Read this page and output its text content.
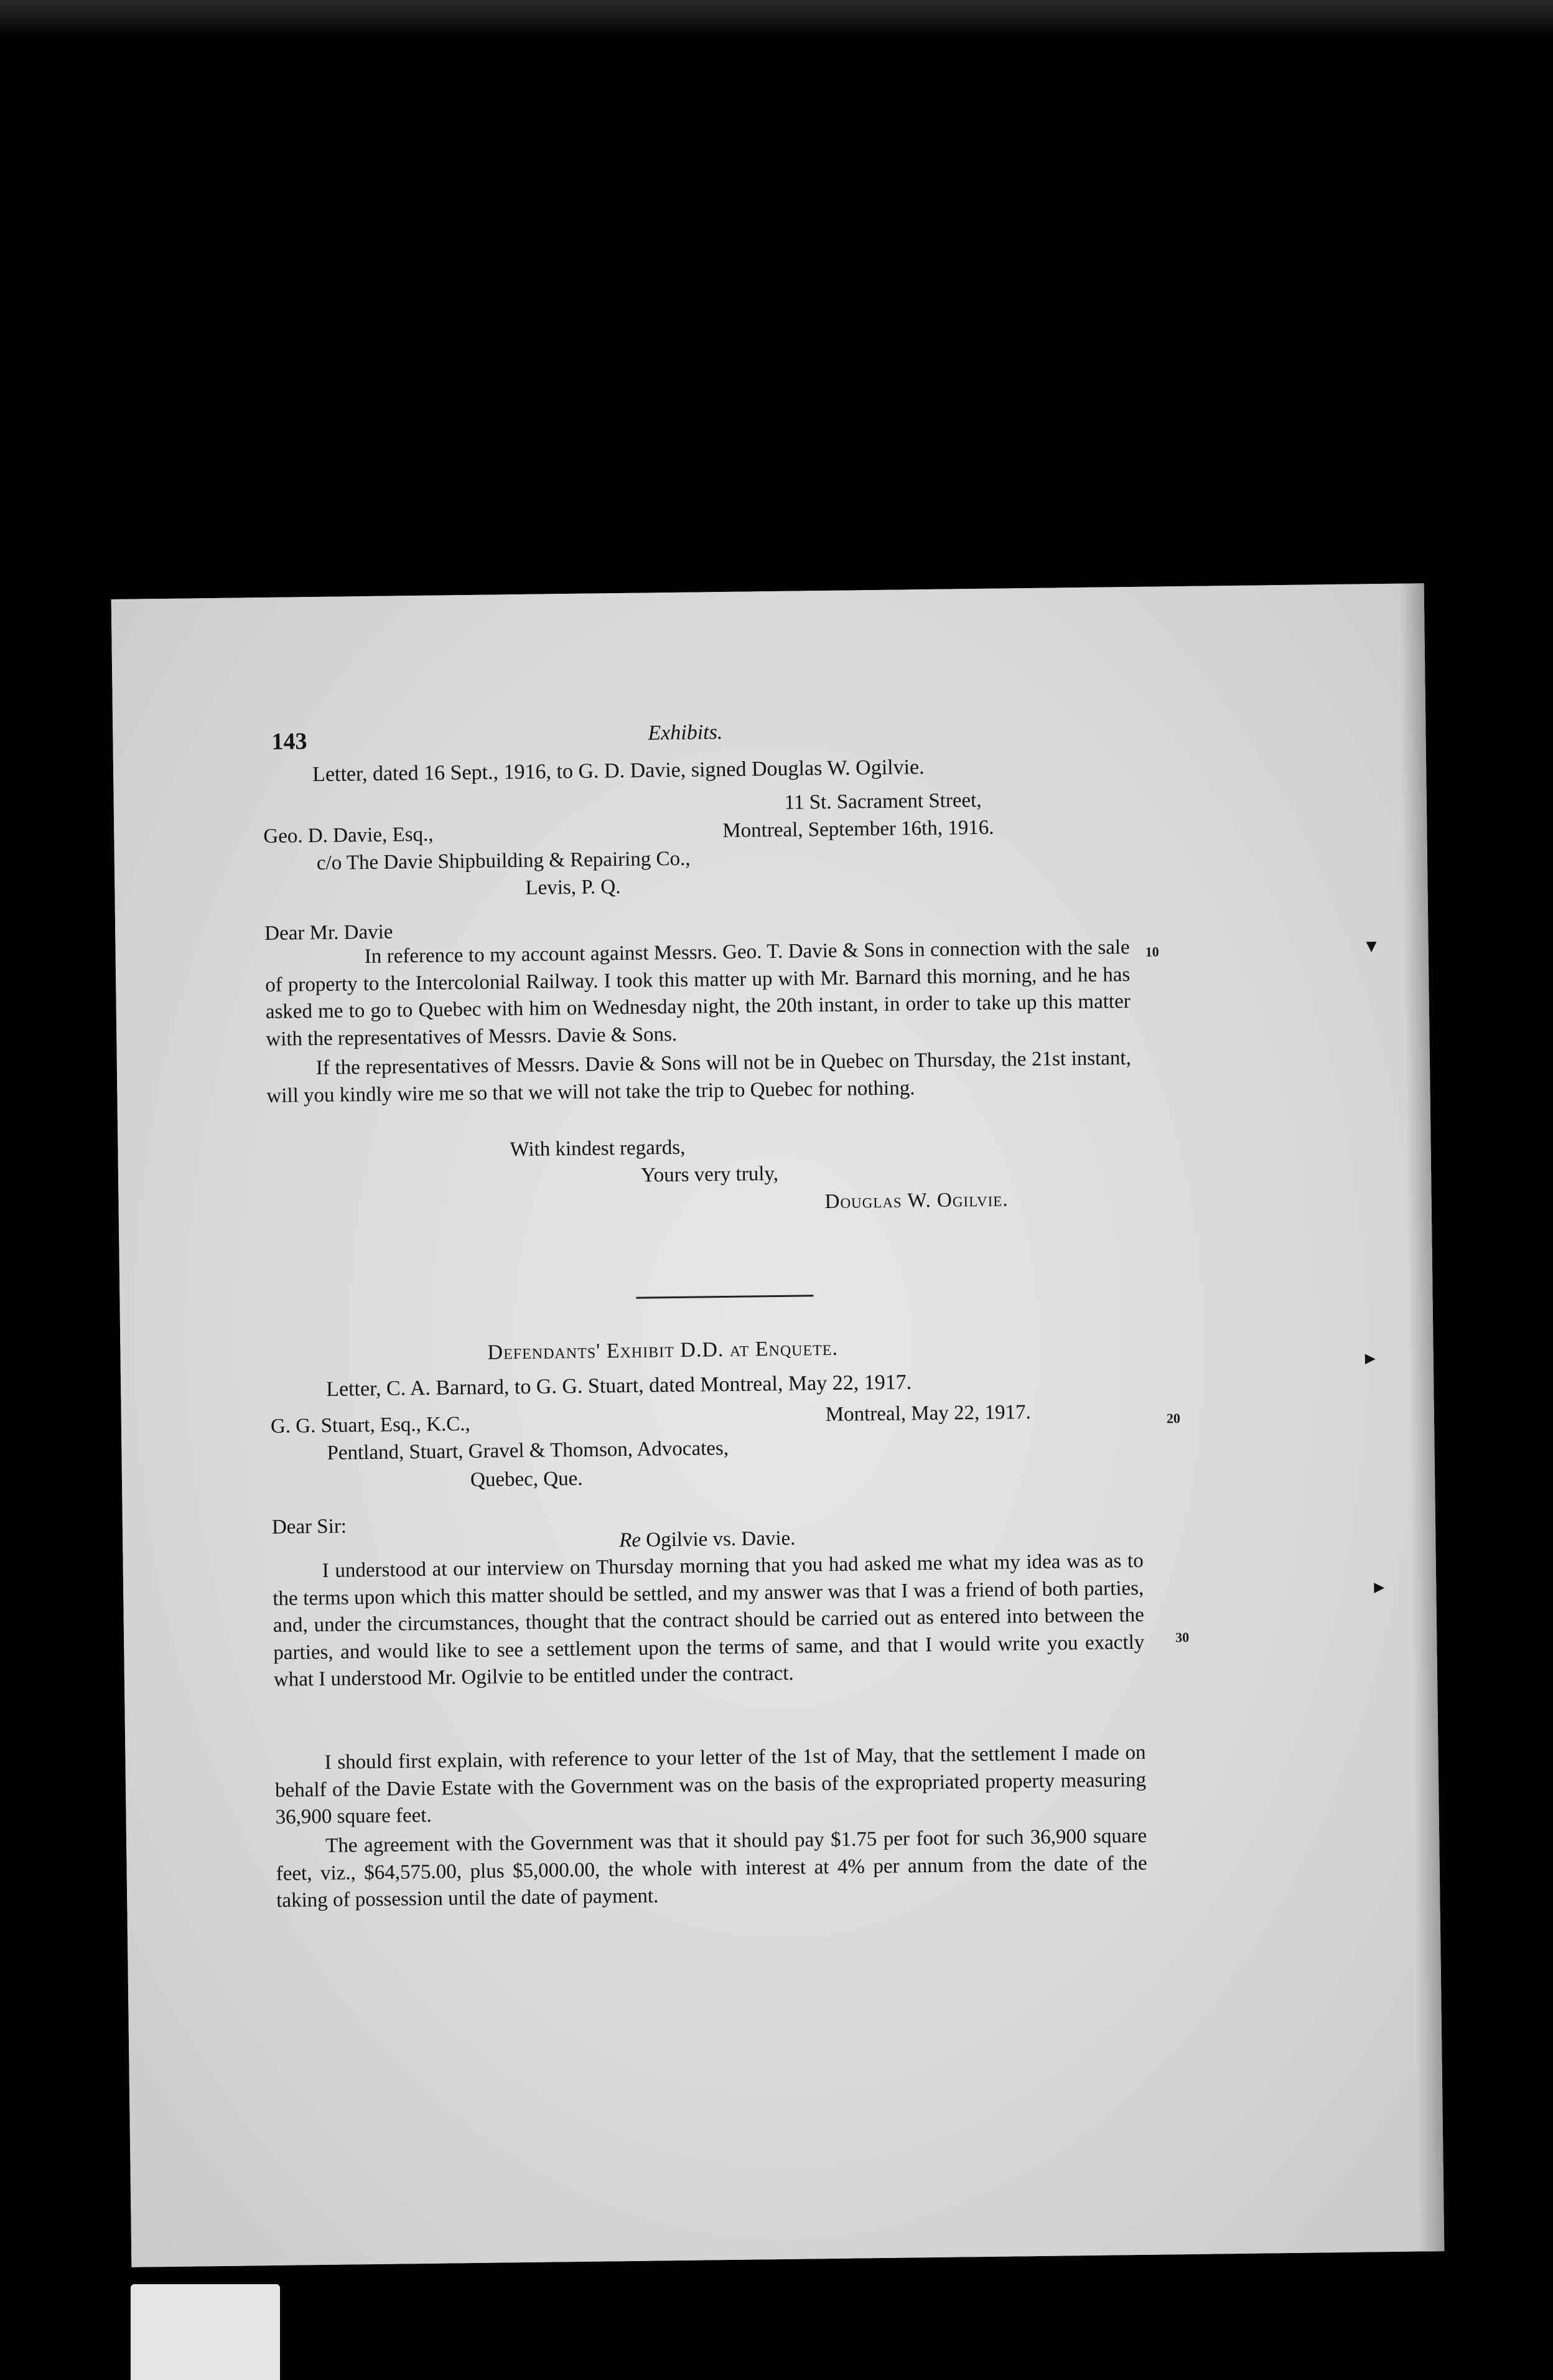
143	Exhibits.
Letter, dated 16 Sept., 1916, to G. D. Davie, signed Douglas W. Ogilvie.
11 St. Sacrament Street,
Geo. D. Davie, Esq.,	Montreal, September 16th, 1916.
c/o The Davie Shipbuilding & Repairing Co.,
Levis, P. Q.
Dear Mr. Davie
In reference to my account against Messrs. Geo. T. Davie & Sons in connection with the sale of property to the Intercolonial Railway. I took this matter up with Mr. Barnard this morning, and he has asked me to go to Quebec with him on Wednesday night, the 20th instant, in order to take up this matter with the representatives of Messrs. Davie & Sons.
If the representatives of Messrs. Davie & Sons will not be in Quebec on Thursday, the 21st instant, will you kindly wire me so that we will not take the trip to Quebec for nothing.
With kindest regards,
Yours very truly,
Douglas W. Ogilvie.
Defendants' Exhibit D.D. at Enquete.
Letter, C. A. Barnard, to G. G. Stuart, dated Montreal, May 22, 1917.
G. G. Stuart, Esq., K.C.,	Montreal, May 22, 1917.
Pentland, Stuart, Gravel & Thomson, Advocates,
Quebec, Que.
Dear Sir:
Re Ogilvie vs. Davie.
I understood at our interview on Thursday morning that you had asked me what my idea was as to the terms upon which this matter should be settled, and my answer was that I was a friend of both parties, and, under the circumstances, thought that the contract should be carried out as entered into between the parties, and would like to see a settlement upon the terms of same, and that I would write you exactly what I understood Mr. Ogilvie to be entitled under the contract.
I should first explain, with reference to your letter of the 1st of May, that the settlement I made on behalf of the Davie Estate with the Government was on the basis of the expropriated property measuring 36,900 square feet.
The agreement with the Government was that it should pay $1.75 per foot for such 36,900 square feet, viz., $64,575.00, plus $5,000.00, the whole with interest at 4% per annum from the date of the taking of possession until the date of payment.
10
20
30
▼
▶
▶
